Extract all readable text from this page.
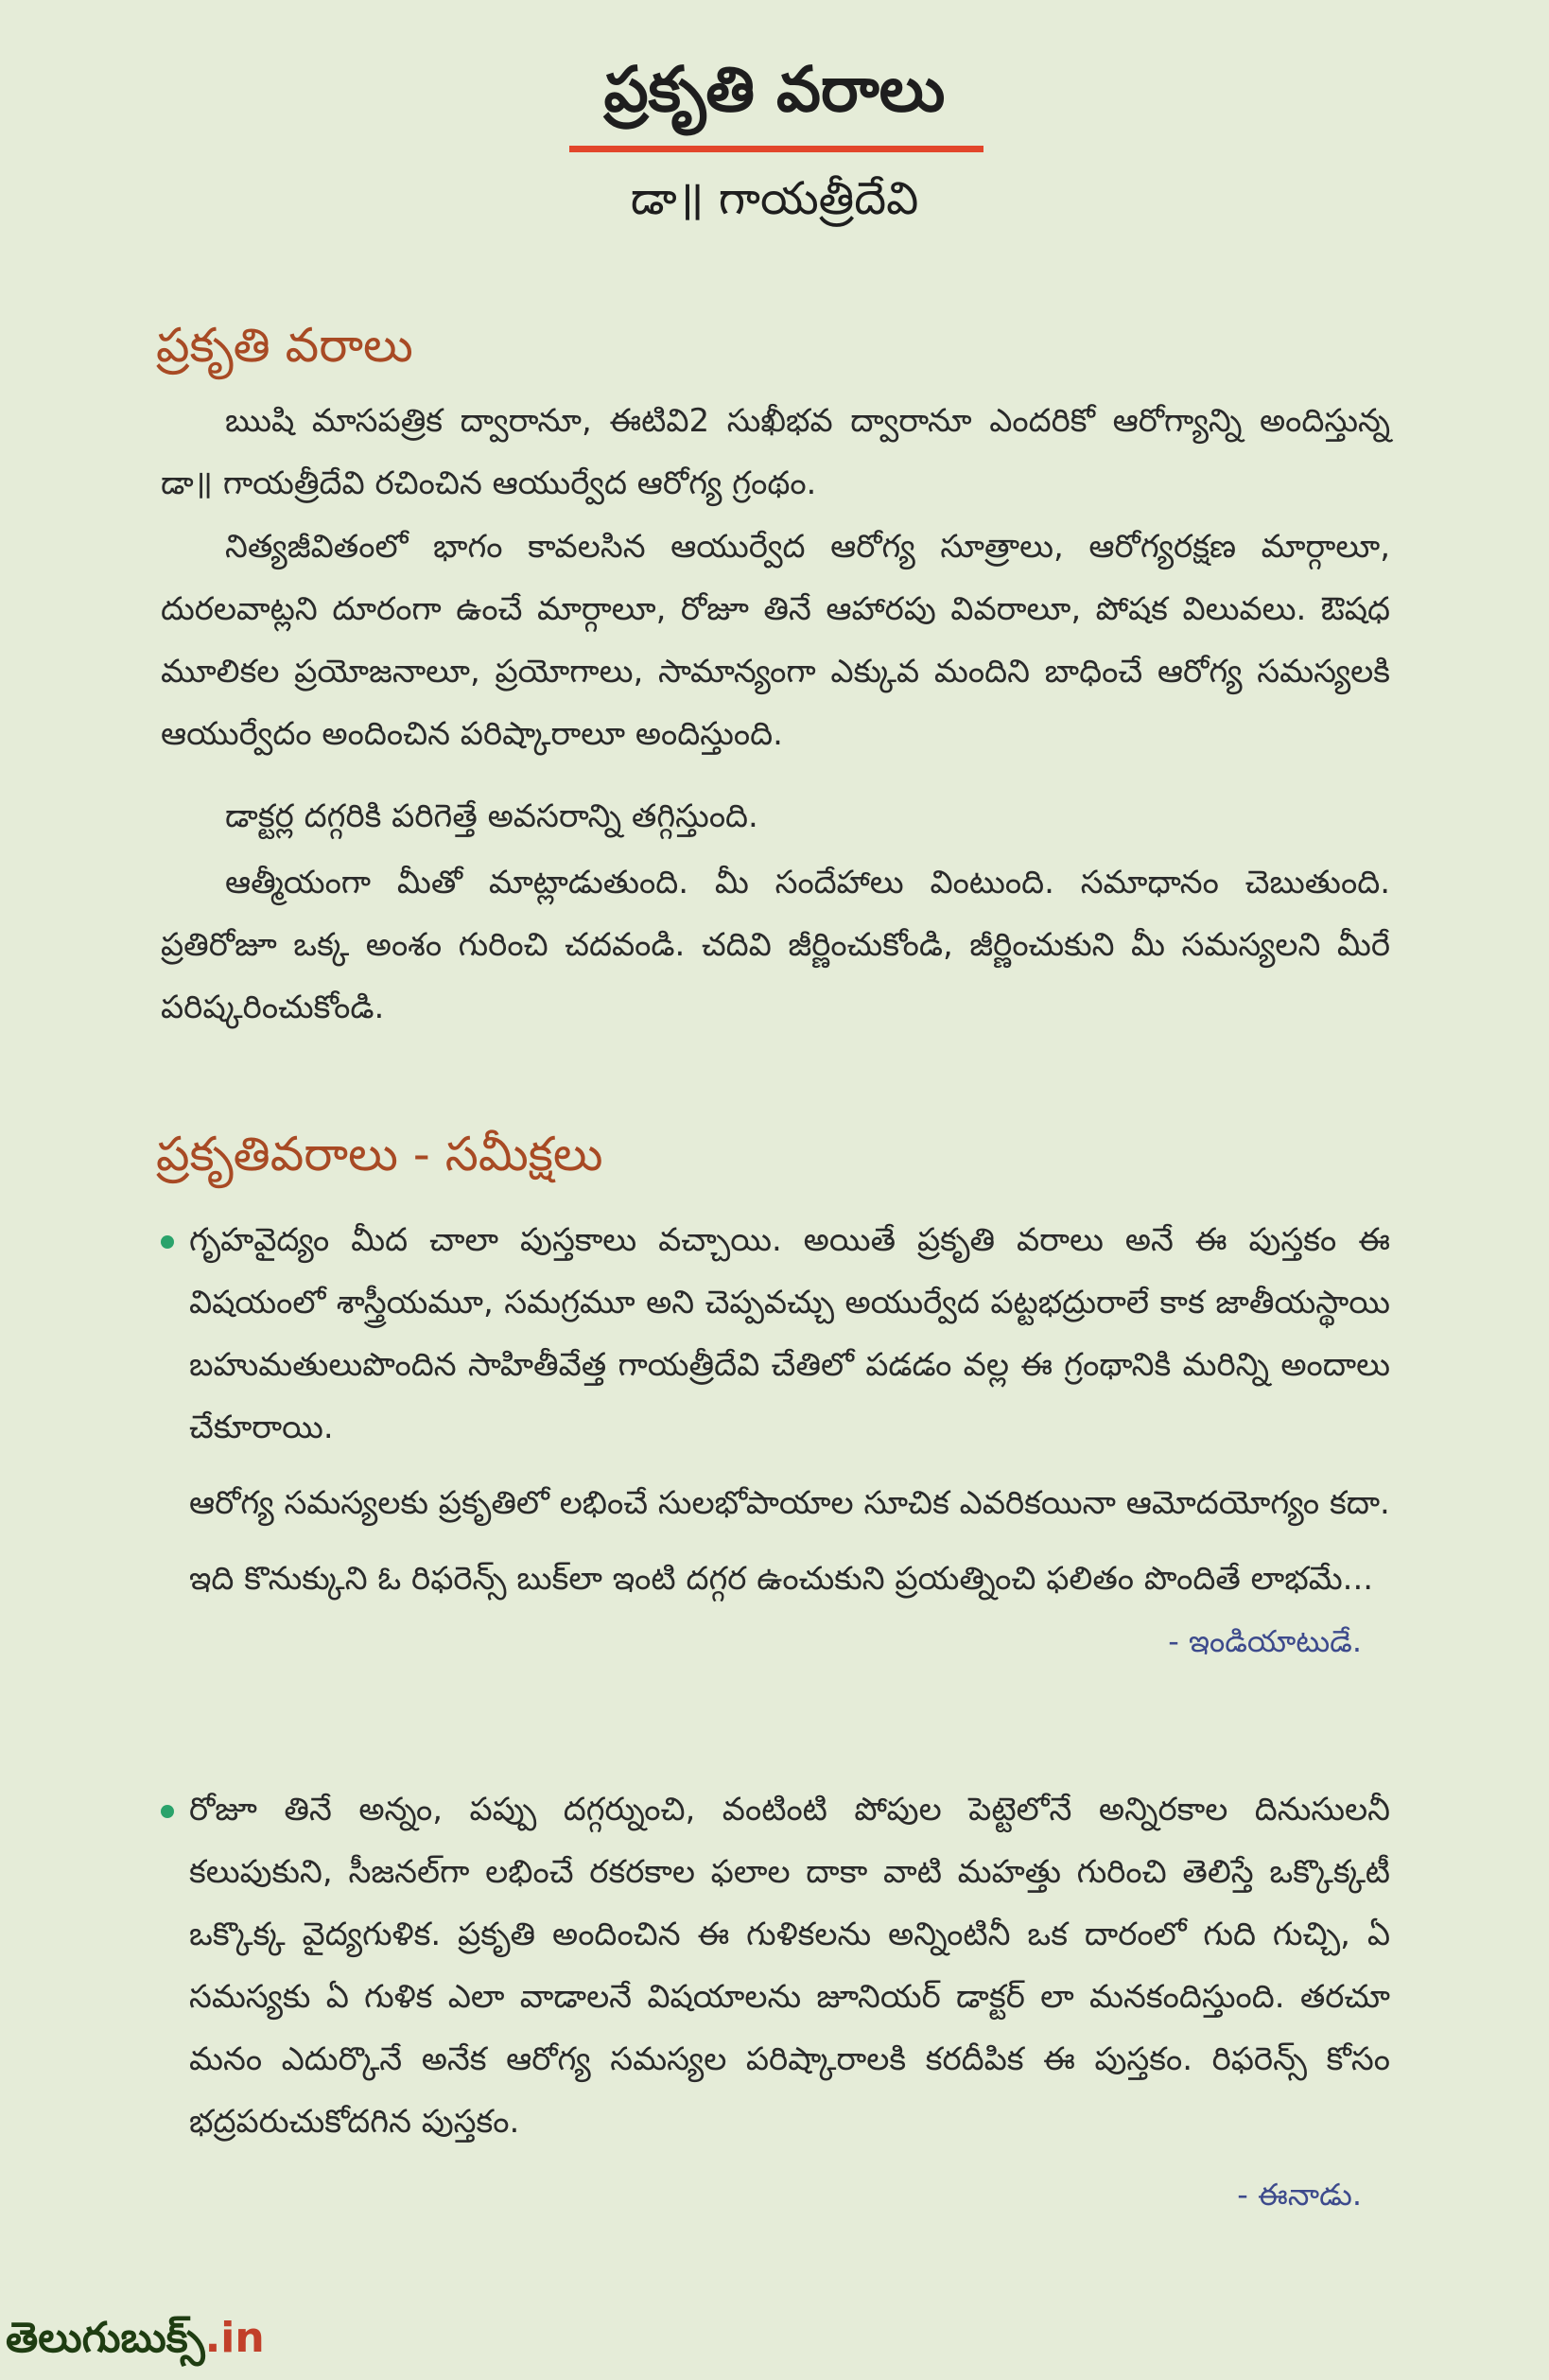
ప్రకృతి వరాలు
డా॥ గాయత్రీదేవి
ప్రకృతి వరాలు

ఋషి మాసపత్రిక ద్వారానూ, ఈటివి2 సుఖీభవ ద్వారానూ ఎందరికో ఆరోగ్యాన్ని అందిస్తున్న డా॥ గాయత్రీదేవి రచించిన ఆయుర్వేద ఆరోగ్య గ్రంథం.

నిత్యజీవితంలో భాగం కావలసిన ఆయుర్వేద ఆరోగ్య సూత్రాలు, ఆరోగ్యరక్షణ మార్గాలూ, దురలవాట్లని దూరంగా ఉంచే మార్గాలూ, రోజూ తినే ఆహారపు వివరాలూ, పోషక విలువలు. ఔషధ మూలికల ప్రయోజనాలూ, ప్రయోగాలు, సామాన్యంగా ఎక్కువ మందిని బాధించే ఆరోగ్య సమస్యలకి ఆయుర్వేదం అందించిన పరిష్కారాలూ అందిస్తుంది.

డాక్టర్ల దగ్గరికి పరిగెత్తే అవసరాన్ని తగ్గిస్తుంది.

ఆత్మీయంగా మీతో మాట్లాడుతుంది. మీ సందేహాలు వింటుంది. సమాధానం చెబుతుంది. ప్రతిరోజూ ఒక్క అంశం గురించి చదవండి. చదివి జీర్ణించుకోండి, జీర్ణించుకుని మీ సమస్యలని మీరే పరిష్కరించుకోండి.

ప్రకృతివరాలు - సమీక్షలు

గృహవైద్యం మీద చాలా పుస్తకాలు వచ్చాయి. అయితే ప్రకృతి వరాలు అనే ఈ పుస్తకం ఈ విషయంలో శాస్త్రీయమూ, సమగ్రమూ అని చెప్పవచ్చు అయుర్వేద పట్టభద్రురాలే కాక జాతీయస్థాయి బహుమతులుపొందిన సాహితీవేత్త గాయత్రీదేవి చేతిలో పడడం వల్ల ఈ గ్రంథానికి మరిన్ని అందాలు చేకూరాయి.

ఆరోగ్య సమస్యలకు ప్రకృతిలో లభించే సులభోపాయాల సూచిక ఎవరికయినా ఆమోదయోగ్యం కదా.

ఇది కొనుక్కుని ఓ రిఫరెన్స్ బుక్‌లా ఇంటి దగ్గర ఉంచుకుని ప్రయత్నించి ఫలితం పొందితే లాభమే...
- ఇండియాటుడే.

రోజూ తినే అన్నం, పప్పు దగ్గర్నుంచి, వంటింటి పోపుల పెట్టెలోనే అన్నిరకాల దినుసులనీ కలుపుకుని, సీజనల్‌గా లభించే రకరకాల ఫలాల దాకా వాటి మహత్తు గురించి తెలిస్తే ఒక్కొక్కటీ ఒక్కొక్క వైద్యగుళిక. ప్రకృతి అందించిన ఈ గుళికలను అన్నింటినీ ఒక దారంలో గుది గుచ్చి, ఏ సమస్యకు ఏ గుళిక ఎలా వాడాలనే విషయాలను జూనియర్ డాక్టర్ లా మనకందిస్తుంది. తరచూ మనం ఎదుర్కొనే అనేక ఆరోగ్య సమస్యల పరిష్కారాలకి కరదీపిక ఈ పుస్తకం. రిఫరెన్స్ కోసం భద్రపరుచుకోదగిన పుస్తకం.

- ఈనాడు.
తెలుగుబుక్స్.in
